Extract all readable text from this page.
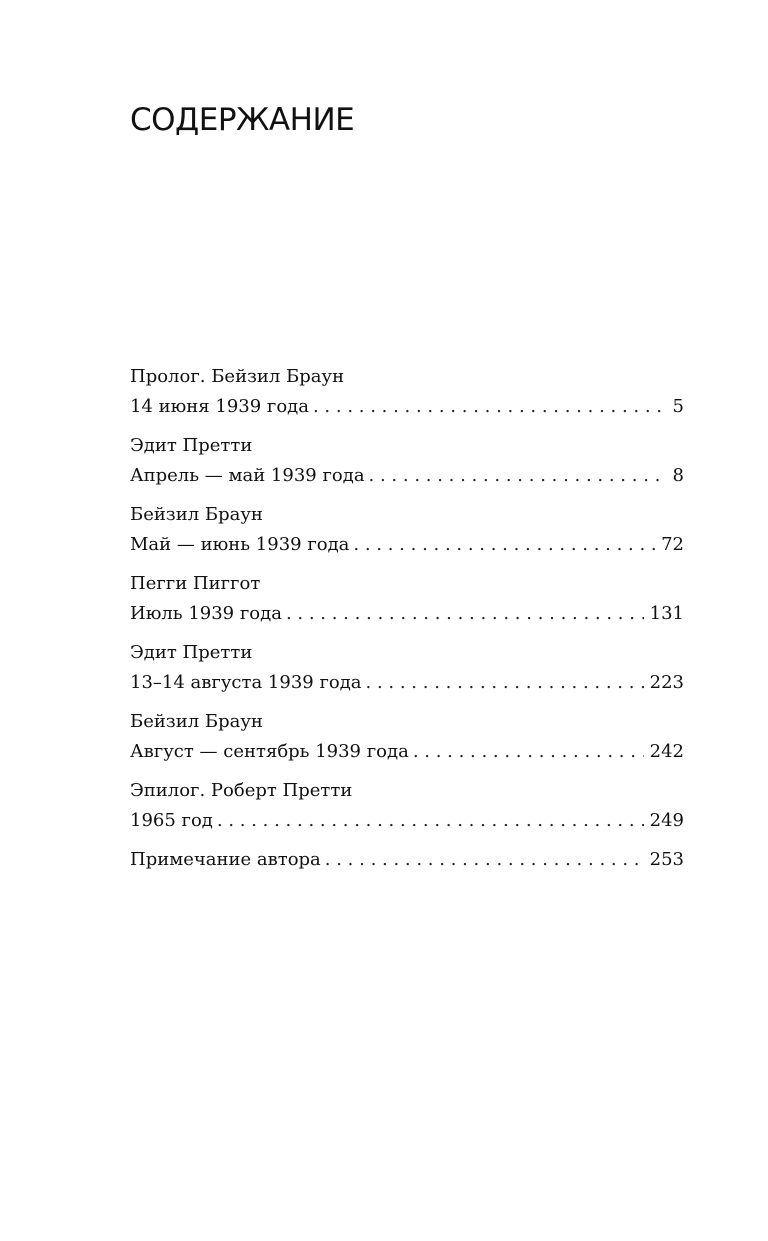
СОДЕРЖАНИЕ
Пролог. Бейзил Браун
14 июня 1939 года . . .	5
Эдит Претти
Апрель — май 1939 года . . .	8
Бейзил Браун
Май — июнь 1939 года . . .	72
Пегги Пиггот
Июль 1939 года . . .	131
Эдит Претти
13–14 августа 1939 года . . .	223
Бейзил Браун
Август — сентябрь 1939 года . . .	242
Эпилог. Роберт Претти
1965 год . . .	249
Примечание автора . . .	253
